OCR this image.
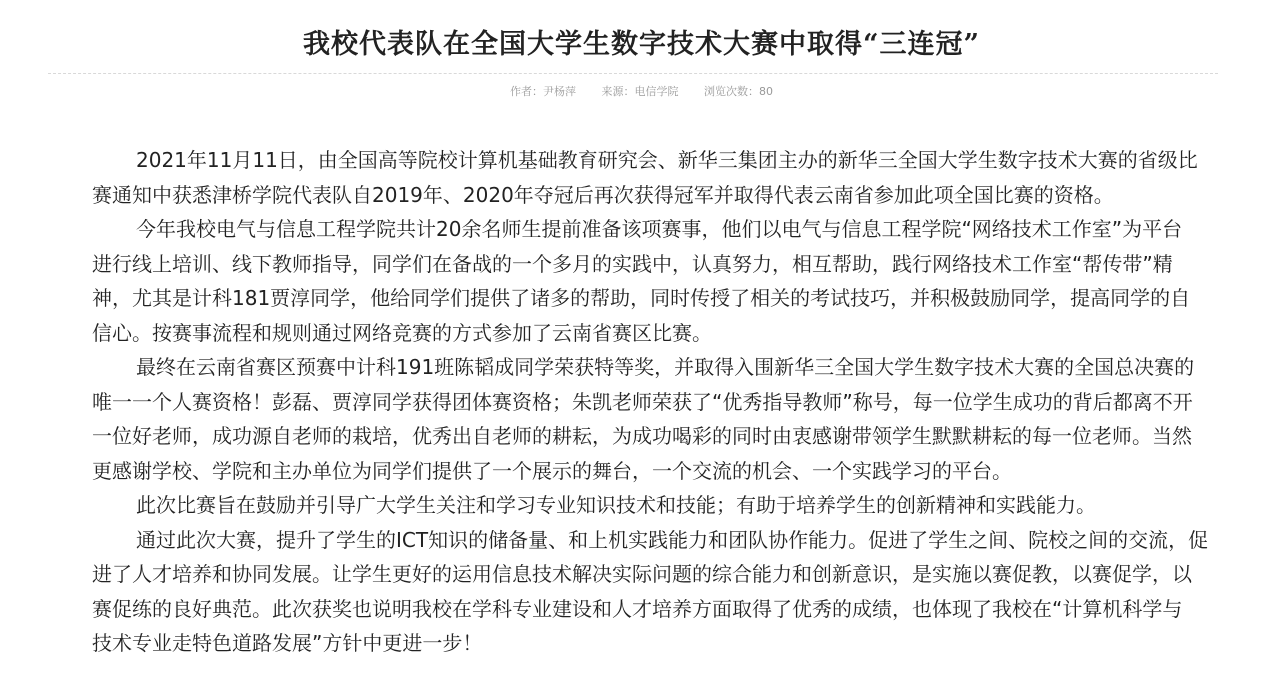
我校代表队在全国大学生数字技术大赛中取得“三连冠”
作者：尹杨萍 来源：电信学院 浏览次数：80
2021年11月11日，由全国高等院校计算机基础教育研究会、新华三集团主办的新华三全国大学生数字技术大赛的省级比
赛通知中获悉津桥学院代表队自2019年、2020年夺冠后再次获得冠军并取得代表云南省参加此项全国比赛的资格。
今年我校电气与信息工程学院共计20余名师生提前准备该项赛事，他们以电气与信息工程学院“网络技术工作室”为平台
进行线上培训、线下教师指导，同学们在备战的一个多月的实践中，认真努力，相互帮助，践行网络技术工作室“帮传带”精
神，尤其是计科181贾淳同学，他给同学们提供了诸多的帮助，同时传授了相关的考试技巧，并积极鼓励同学，提高同学的自
信心。按赛事流程和规则通过网络竞赛的方式参加了云南省赛区比赛。
最终在云南省赛区预赛中计科191班陈韬成同学荣获特等奖，并取得入围新华三全国大学生数字技术大赛的全国总决赛的
唯一一个人赛资格！彭磊、贾淳同学获得团体赛资格；朱凯老师荣获了“优秀指导教师”称号，每一位学生成功的背后都离不开
一位好老师，成功源自老师的栽培，优秀出自老师的耕耘，为成功喝彩的同时由衷感谢带领学生默默耕耘的每一位老师。当然
更感谢学校、学院和主办单位为同学们提供了一个展示的舞台，一个交流的机会、一个实践学习的平台。
此次比赛旨在鼓励并引导广大学生关注和学习专业知识技术和技能；有助于培养学生的创新精神和实践能力。
通过此次大赛，提升了学生的ICT知识的储备量、和上机实践能力和团队协作能力。促进了学生之间、院校之间的交流，促
进了人才培养和协同发展。让学生更好的运用信息技术解决实际问题的综合能力和创新意识，是实施以赛促教，以赛促学，以
赛促练的良好典范。此次获奖也说明我校在学科专业建设和人才培养方面取得了优秀的成绩，也体现了我校在“计算机科学与
技术专业走特色道路发展”方针中更进一步！
